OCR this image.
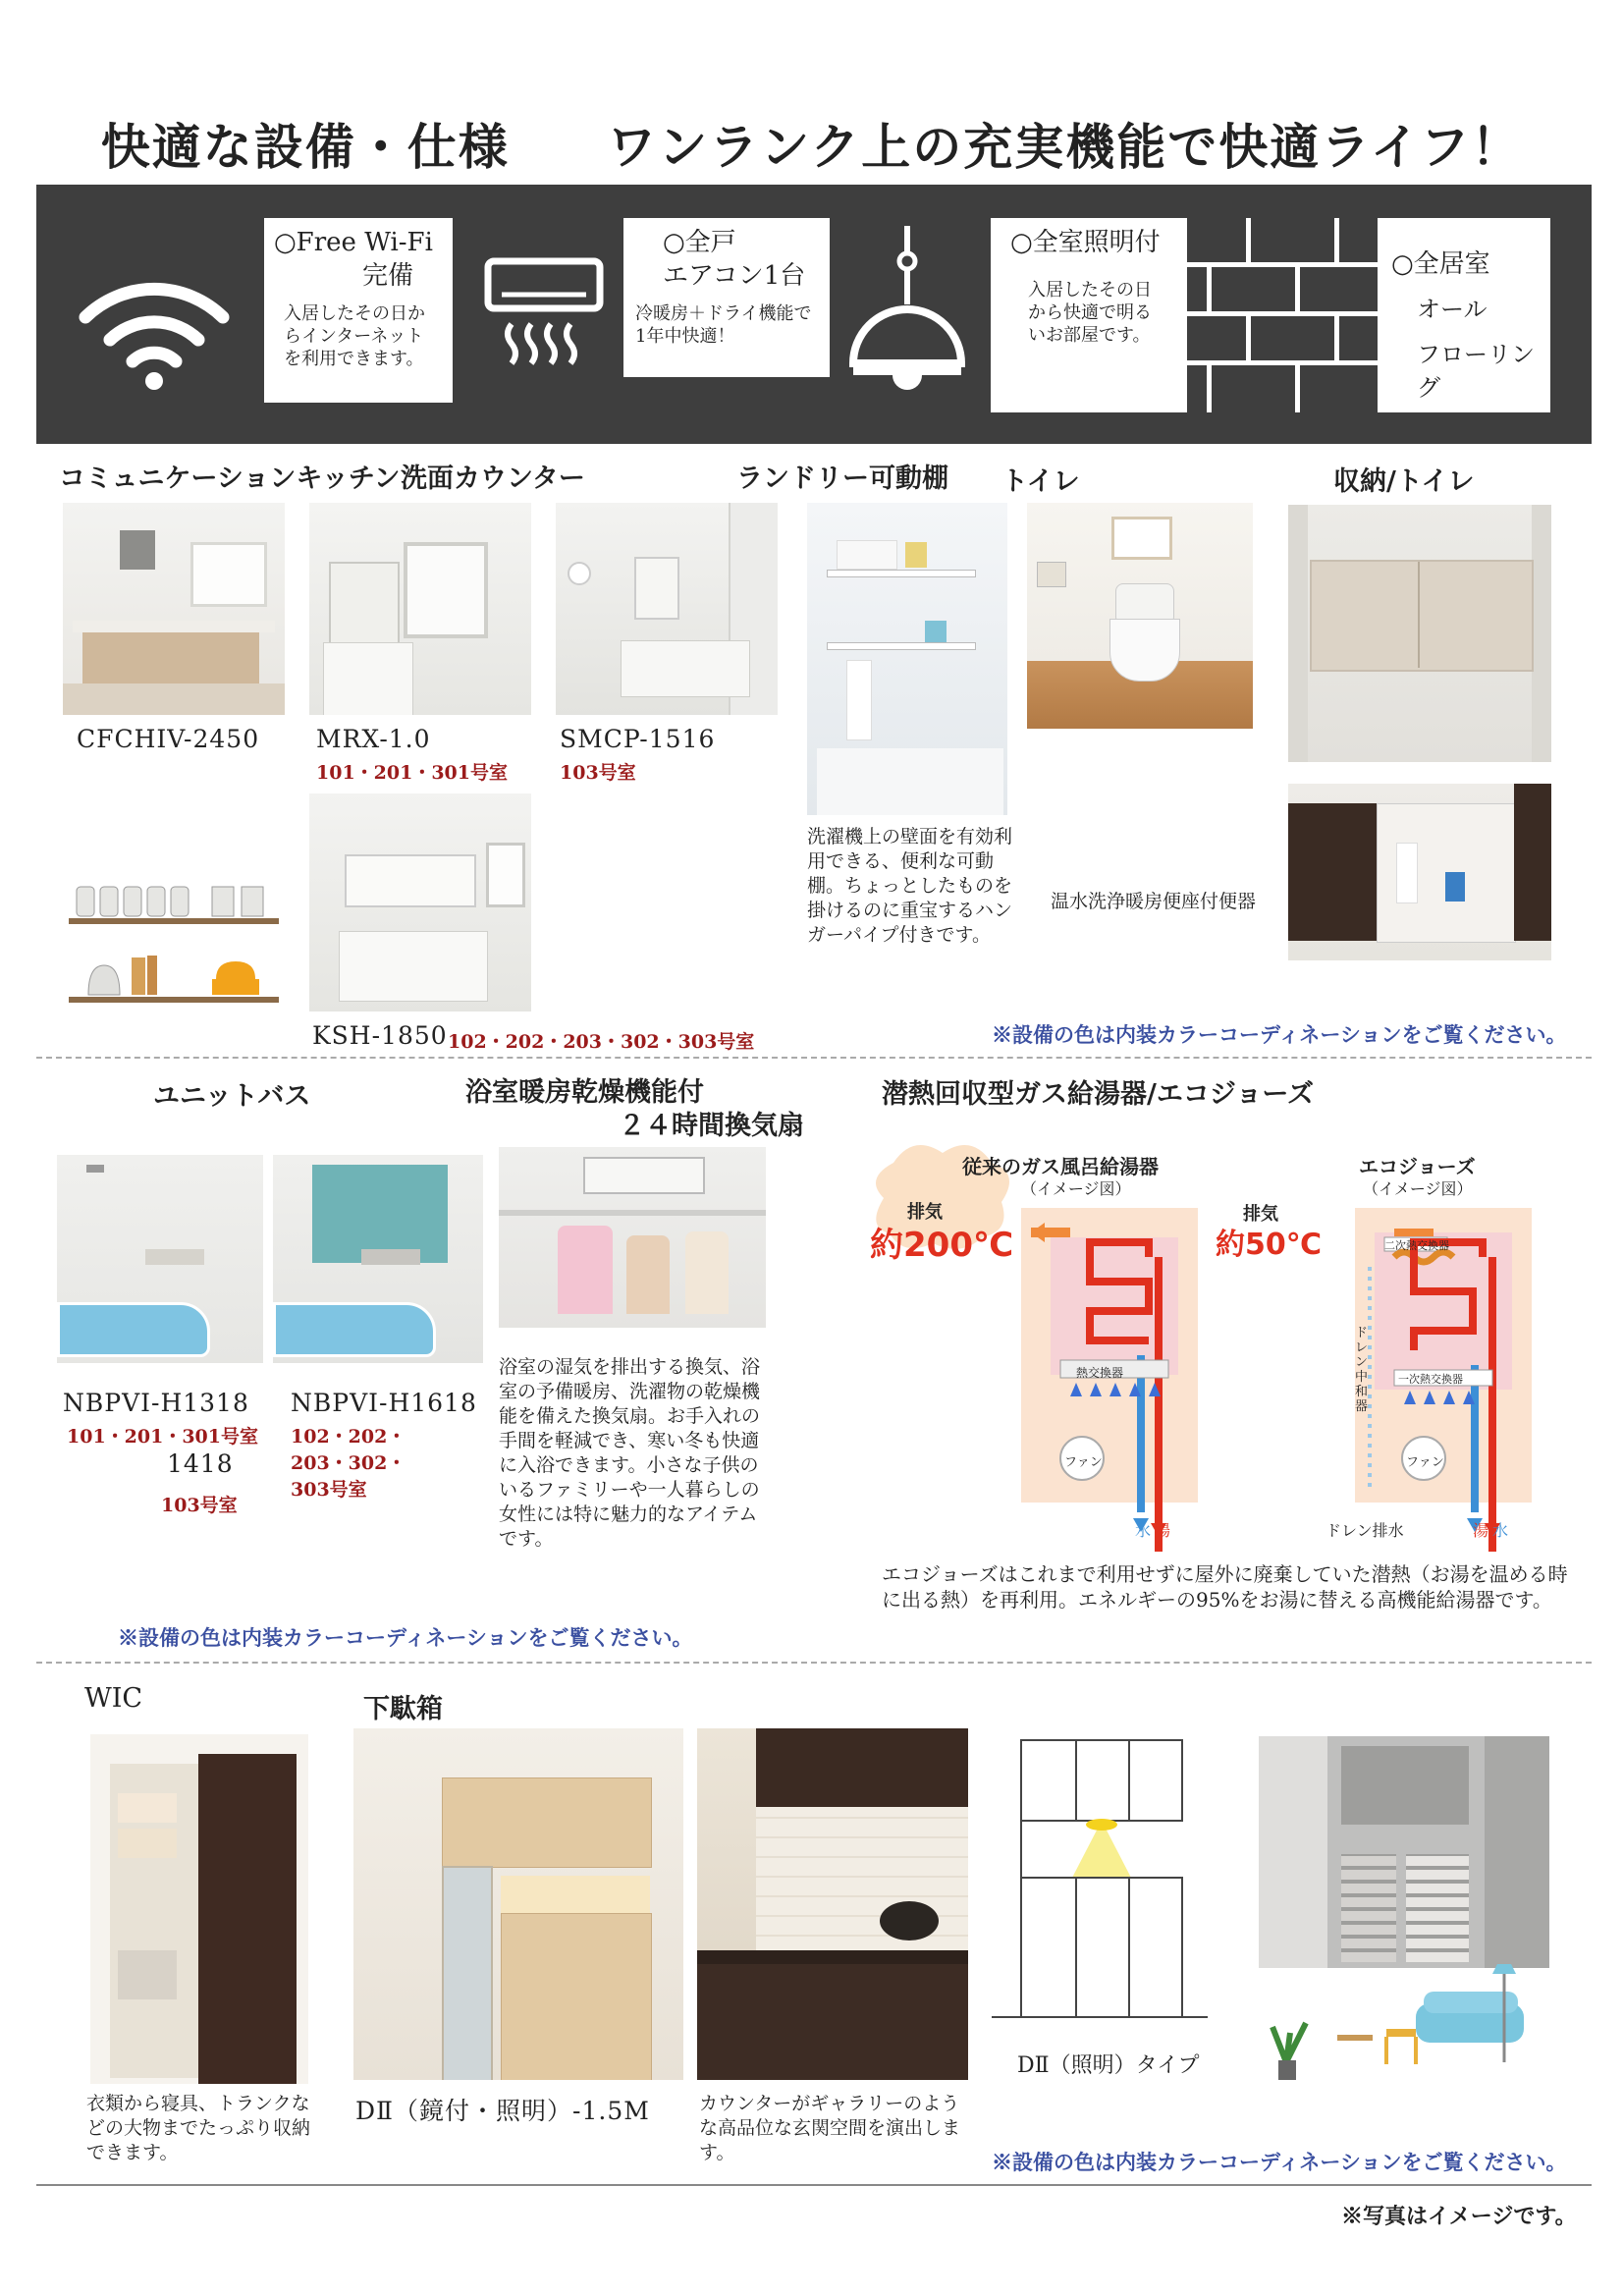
快適な設備・仕様 ワンランク上の充実機能で快適ライフ！
○Free Wi-Fi
完備
入居したその日からインターネットを利用できます。
○全戸
エアコン1台
冷暖房＋ドライ機能で1年中快適！
○全室照明付
入居したその日から快適で明るいお部屋です。
○全居室
オール
フローリング
コミュニケーションキッチン 洗面カウンター	ランドリー可動棚 トイレ	収納/トイレ
CFCHIV-2450 MRX-1.0
101・201・301号室
SMCP-1516
103号室
KSH-1850 102・202・203・302・303号室
洗濯機上の壁面を有効利用できる、便利な可動棚。ちょっとしたものを掛けるのに重宝するハンガーパイプ付きです。
温水洗浄暖房便座付便器
※設備の色は内装カラーコーディネーションをご覧ください。
ユニットバス	浴室暖房乾燥機能付
２４時間換気扇
潜熱回収型ガス給湯器/エコジョーズ
NBPVI-H1318
101・201・301号室
NBPVI-H1618
102・202・203・302・303号室
1418
103号室
浴室の湿気を排出する換気、浴室の予備暖房、洗濯物の乾燥機能を備えた換気扇。お手入れの手間を軽減でき、寒い冬も快適に入浴できます。小さな子供のいるファミリーや一人暮らしの女性には特に魅力的なアイテムです。
従来のガス風呂給湯器
（イメージ図）
エコジョーズ
（イメージ図）
排気
約200℃
排気
約50℃
熱交換器
二次熱交換器
一次熱交換器
ドレン中和器
ファン	ファン
水 湯	ドレン排水	湯 水
エコジョーズはこれまで利用せずに屋外に廃棄していた潜熱（お湯を温める時に出る熱）を再利用。エネルギーの95%をお湯に替える高機能給湯器です。
※設備の色は内装カラーコーディネーションをご覧ください。
WIC	下駄箱
衣類から寝具、トランクなどの大物までたっぷり収納できます。
DⅡ（鏡付・照明）-1.5M	カウンターがギャラリーのような高品位な玄関空間を演出します。
DⅡ（照明）タイプ
※設備の色は内装カラーコーディネーションをご覧ください。
※写真はイメージです。
